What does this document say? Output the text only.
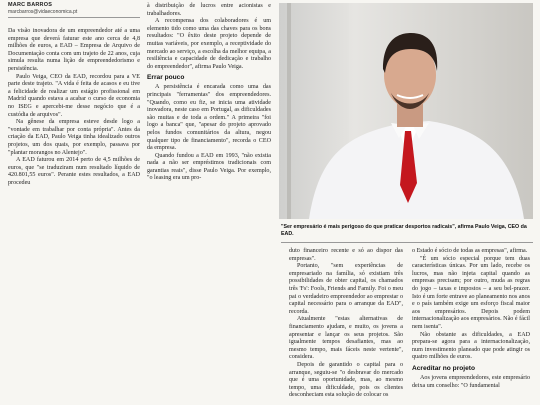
MARC BARROS
marcbarros@vidaeconomica.pt

Da visão inovadora de um empreendedor até a uma empresa que deverá faturar este ano cerca de 4,8 milhões de euros, a EAD – Empresa de Arquivo de Documentação conta com um trajeto de 22 anos, cuja simula resulta numa lição de empreendedorismo e persistência.

Paulo Veiga, CEO da EAD, recordou para a VE parte deste trajeto. "A vida é feita de acasos e eu tive a felicidade de realizar um estágio profissional em Madrid quando estava a acabar o curso de economia no ISEG e apercebi-me desse negócio que é a custódia de arquivos".

Na gênese da empresa esteve desde logo a "vontade em trabalhar por conta própria". Antes da criação da EAD, Paulo Veiga tinha idealizado outros projetos, um dos quais, por exemplo, passava por "plantar morangos no Alentejo".

A EAD faturou em 2014 perto de 4,5 milhões de euros, que "se traduziram num resultado líquido de 420.801,55 euros". Perante estes resultados, a EAD procedeu

à distribuição de lucros entre acionistas e trabalhadores.

A recompensa dos colaboradores é um elemento tido como uma das chaves para os bons resultados: "O êxito deste projeto depende de muitas variáveis, por exemplo, a receptividade do mercado ao serviço, a escolha da melhor equipa, a resiliência e capacidade de dedicação e trabalho do empreendedor", afirma Paulo Veiga.

Errar pouco

A persistência é encarada como uma das principais "ferramentas" dos empreendedores. "Quando, como eu fiz, se inicia uma atividade inovadora, neste caso em Portugal, as dificuldades são muitas e de toda a ordem." A primeira "foi logo a banca" que, "apesar do projeto aprovado pelos fundos comunitários da altura, negou qualquer tipo de financiamento", recorda o CEO da empresa.

Quando fundou a EAD em 1993, "não existia nada a não ser empréstimos tradicionais com garantias reais", disse Paulo Veiga. Por exemplo, "o leasing era um pro-

"Ser empresário é mais perigoso do que praticar desportos radicais", afirma Paulo Veiga, CEO da EAD.

duto financeiro recente e só ao dispor das empresas".

Portanto, "sem experiências de empresariado na família, só existiam três possibilidades de obter capital, os chamados três 'Fs': Fools, Friends and Family. Foi o meu pai o verdadeiro empreendedor ao emprestar o capital necessário para o arranque da EAD", recorda.

Atualmente "estas alternativas de financiamento ajudam, e muito, os jovens a apresentar e lançar os seus projetos. São igualmente tempos desafiantes, mas ao mesmo tempo, mais fáceis neste vertente", considera.

Depois de garantido o capital para o arranque, seguiu-se "o desbravar do mercado que é uma oportunidade, mas, ao mesmo tempo, uma dificuldade, pois os clientes desconheciam esta solução de colocar os

o Estado é sócio de todas as empresas", afirma.

"É um sócio especial porque tem duas características únicas. Por um lado, recebe os lucros, mas não injeta capital quando as empresas precisam; por outro, muda as regras do jogo – taxas e impostos – a seu bel-prazer. Isto é um forte entrave ao planeamento nos anos e o país também exige um esforço fiscal maior aos empresários. Depois podem internacionalização aos empresários. Não é fácil nem isenta".

Não obstante as dificuldades, a EAD prepara-se agora para a internacionalização, num investimento planeado que pode atingir os quatro milhões de euros.

Acreditar no projeto

Aos jovens empreendedores, este empresário deixa um conselho: "O fundamental
